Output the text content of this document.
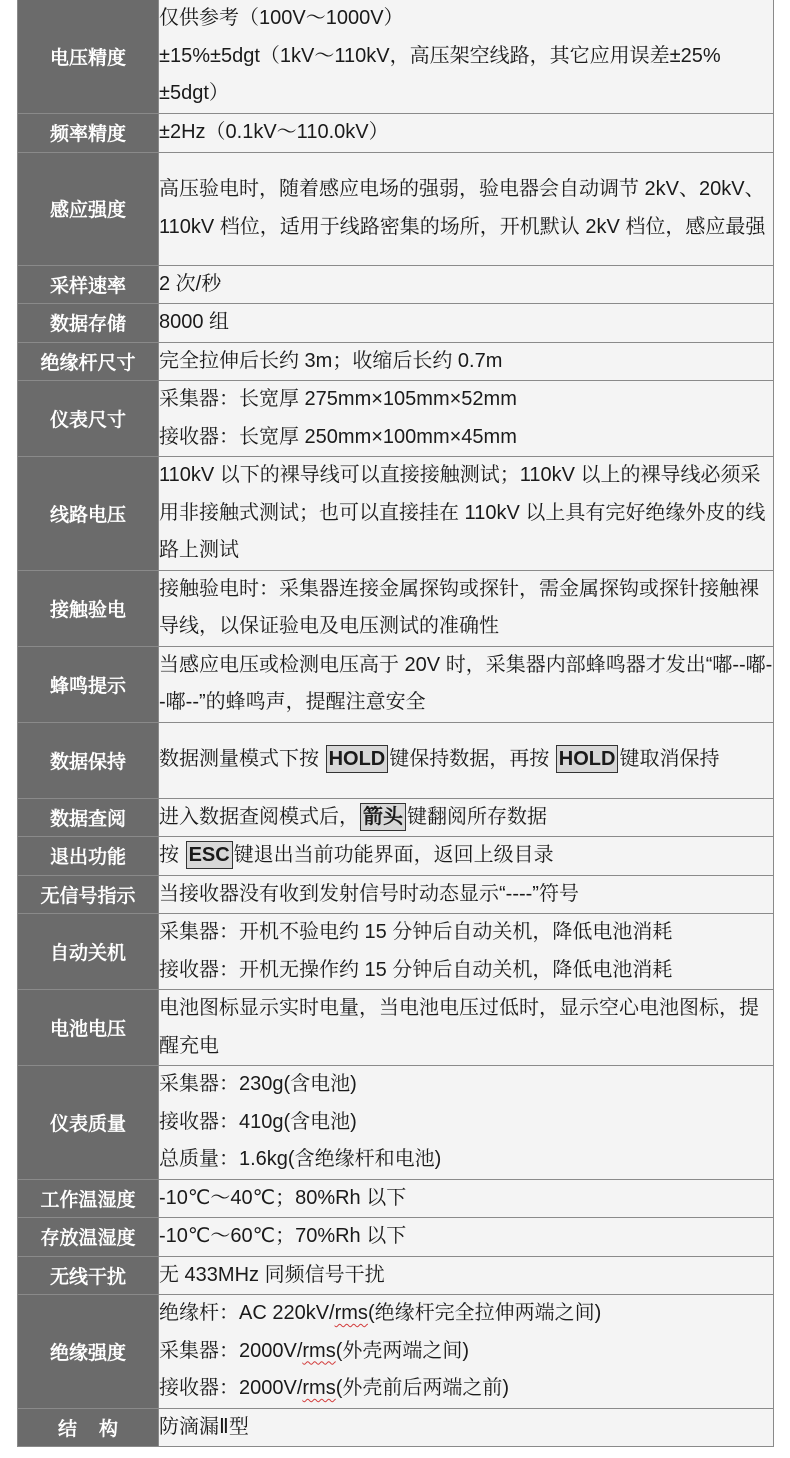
电压精度	仅供参考（100V～1000V）
±15%±5dgt（1kV～110kV，高压架空线路，其它应用误差±25%±5dgt）

频率精度	±2Hz（0.1kV～110.0kV）

感应强度	高压验电时，随着感应电场的强弱，验电器会自动调节 2kV、20kV、110kV 档位，适用于线路密集的场所，开机默认 2kV 档位，感应最强

采样速率	2 次/秒

数据存储	8000 组

绝缘杆尺寸	完全拉伸后长约 3m；收缩后长约 0.7m

仪表尺寸	采集器：长宽厚 275mm×105mm×52mm
接收器：长宽厚 250mm×100mm×45mm

线路电压	110kV 以下的裸导线可以直接接触测试；110kV 以上的裸导线必须采用非接触式测试；也可以直接挂在 110kV 以上具有完好绝缘外皮的线路上测试

接触验电	接触验电时：采集器连接金属探钩或探针，需金属探钩或探针接触裸导线，以保证验电及电压测试的准确性

蜂鸣提示	当感应电压或检测电压高于 20V 时，采集器内部蜂鸣器才发出“嘟--嘟--嘟--”的蜂鸣声，提醒注意安全

数据保持	数据测量模式下按 HOLD 键保持数据，再按 HOLD 键取消保持

数据查阅	进入数据查阅模式后， 箭头 键翻阅所存数据

退出功能	按 ESC 键退出当前功能界面，返回上级目录

无信号指示	当接收器没有收到发射信号时动态显示“----”符号

自动关机	采集器：开机不验电约 15 分钟后自动关机，降低电池消耗
接收器：开机无操作约 15 分钟后自动关机，降低电池消耗

电池电压	电池图标显示实时电量，当电池电压过低时，显示空心电池图标，提醒充电

仪表质量	采集器：230g(含电池)
接收器：410g(含电池)
总质量：1.6kg(含绝缘杆和电池)

工作温湿度	-10℃～40℃；80%Rh 以下

存放温湿度	-10℃～60℃；70%Rh 以下

无线干扰	无 433MHz 同频信号干扰

绝缘强度	绝缘杆：AC 220kV/rms(绝缘杆完全拉伸两端之间)
采集器：2000V/rms(外壳两端之间)
接收器：2000V/rms(外壳前后两端之前)

结构	防滴漏Ⅱ型
